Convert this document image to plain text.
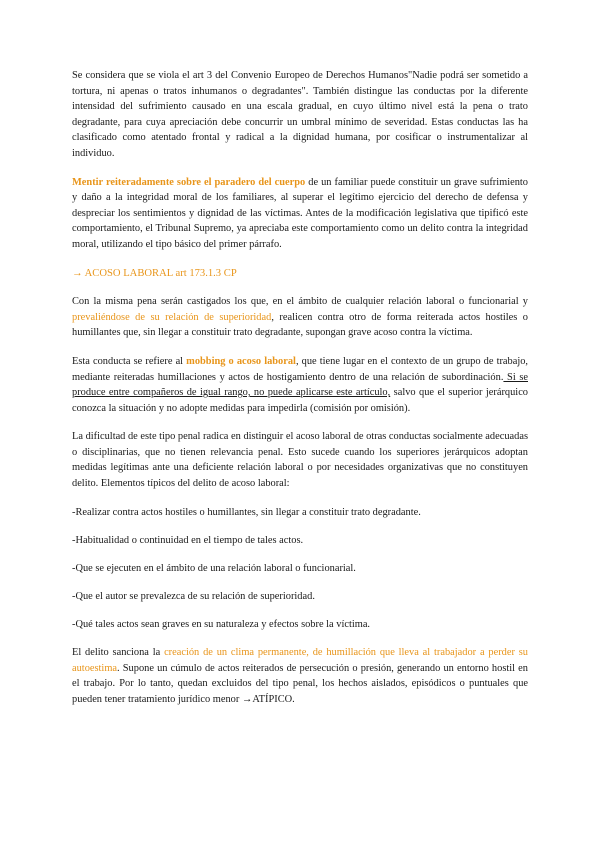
Se considera que se viola el art 3 del Convenio Europeo de Derechos Humanos"Nadie podrá ser sometido a tortura, ni apenas o tratos inhumanos o degradantes". También distingue las conductas por la diferente intensidad del sufrimiento causado en una escala gradual, en cuyo último nivel está la pena o trato degradante, para cuya apreciación debe concurrir un umbral mínimo de severidad. Estas conductas las ha clasificado como atentado frontal y radical a la dignidad humana, por cosificar o instrumentalizar al individuo.

Mentir reiteradamente sobre el paradero del cuerpo de un familiar puede constituir un grave sufrimiento y daño a la integridad moral de los familiares, al superar el legítimo ejercicio del derecho de defensa y despreciar los sentimientos y dignidad de las víctimas. Antes de la modificación legislativa que tipificó este comportamiento, el Tribunal Supremo, ya apreciaba este comportamiento como un delito contra la integridad moral, utilizando el tipo básico del primer párrafo.

→ ACOSO LABORAL art 173.1.3 CP

Con la misma pena serán castigados los que, en el ámbito de cualquier relación laboral o funcionarial y prevaliéndose de su relación de superioridad, realicen contra otro de forma reiterada actos hostiles o humillantes que, sin llegar a constituir trato degradante, supongan grave acoso contra la víctima.

Esta conducta se refiere al mobbing o acoso laboral, que tiene lugar en el contexto de un grupo de trabajo, mediante reiteradas humillaciones y actos de hostigamiento dentro de una relación de subordinación. Si se produce entre compañeros de igual rango, no puede aplicarse este artículo, salvo que el superior jerárquico conozca la situación y no adopte medidas para impedirla (comisión por omisión).

La dificultad de este tipo penal radica en distinguir el acoso laboral de otras conductas socialmente adecuadas o disciplinarias, que no tienen relevancia penal. Esto sucede cuando los superiores jerárquicos adoptan medidas legítimas ante una deficiente relación laboral o por necesidades organizativas que no constituyen delito. Elementos típicos del delito de acoso laboral:

-Realizar contra actos hostiles o humillantes, sin llegar a constituir trato degradante.

-Habitualidad o continuidad en el tiempo de tales actos.

-Que se ejecuten en el ámbito de una relación laboral o funcionarial.

-Que el autor se prevalezca de su relación de superioridad.

-Qué tales actos sean graves en su naturaleza y efectos sobre la víctima.

El delito sanciona la creación de un clima permanente, de humillación que lleva al trabajador a perder su autoestima. Supone un cúmulo de actos reiterados de persecución o presión, generando un entorno hostil en el trabajo. Por lo tanto, quedan excluidos del tipo penal, los hechos aislados, episódicos o puntuales que pueden tener tratamiento jurídico menor →ATÍPICO.
